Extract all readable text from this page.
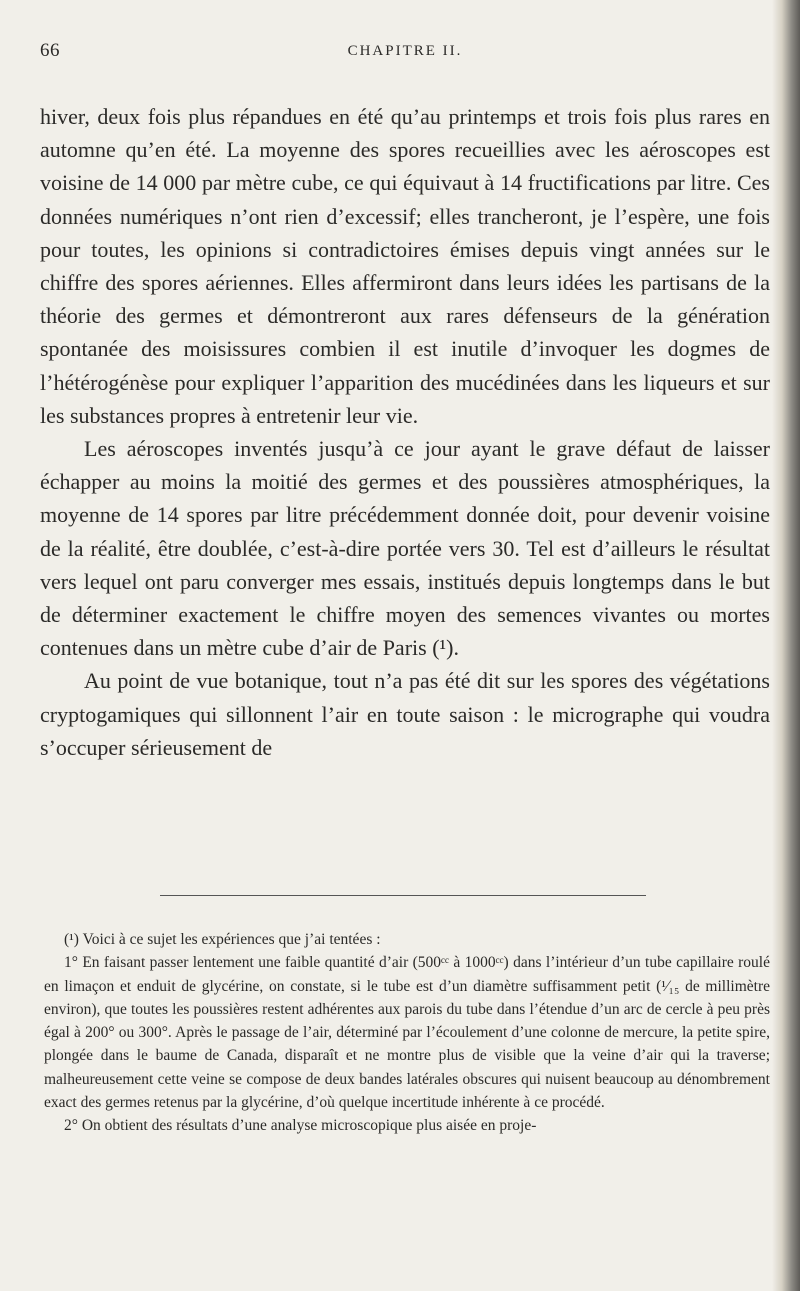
66	CHAPITRE II.

hiver, deux fois plus répandues en été qu’au printemps et trois fois plus rares en automne qu’en été. La moyenne des spores recueillies avec les aéroscopes est voisine de 14 000 par mètre cube, ce qui équivaut à 14 fructifications par litre. Ces données numériques n’ont rien d’excessif; elles trancheront, je l’espère, une fois pour toutes, les opinions si contradictoires émises depuis vingt années sur le chiffre des spores aériennes. Elles affermiront dans leurs idées les partisans de la théorie des germes et démontreront aux rares défenseurs de la génération spontanée des moisissures combien il est inutile d’invoquer les dogmes de l’hétérogénèse pour expliquer l’apparition des mucédinées dans les liqueurs et sur les substances propres à entretenir leur vie.

Les aéroscopes inventés jusqu’à ce jour ayant le grave défaut de laisser échapper au moins la moitié des germes et des poussières atmosphériques, la moyenne de 14 spores par litre précédemment donnée doit, pour devenir voisine de la réalité, être doublée, c’est-à-dire portée vers 30. Tel est d’ailleurs le résultat vers lequel ont paru converger mes essais, institués depuis longtemps dans le but de déterminer exactement le chiffre moyen des semences vivantes ou mortes contenues dans un mètre cube d’air de Paris (¹).

Au point de vue botanique, tout n’a pas été dit sur les spores des végétations cryptogamiques qui sillonnent l’air en toute saison : le micrographe qui voudra s’occuper sérieusement de

(¹) Voici à ce sujet les expériences que j’ai tentées :

1° En faisant passer lentement une faible quantité d’air (500ᶜᶜ à 1000ᶜᶜ) dans l’intérieur d’un tube capillaire roulé en limaçon et enduit de glycérine, on constate, si le tube est d’un diamètre suffisamment petit (¹⁄₁₅ de millimètre environ), que toutes les poussières restent adhérentes aux parois du tube dans l’étendue d’un arc de cercle à peu près égal à 200° ou 300°. Après le passage de l’air, déterminé par l’écoulement d’une colonne de mercure, la petite spire, plongée dans le baume de Canada, disparaît et ne montre plus de visible que la veine d’air qui la traverse; malheureusement cette veine se compose de deux bandes latérales obscures qui nuisent beaucoup au dénombrement exact des germes retenus par la glycérine, d’où quelque incertitude inhérente à ce procédé.

2° On obtient des résultats d’une analyse microscopique plus aisée en proje-
